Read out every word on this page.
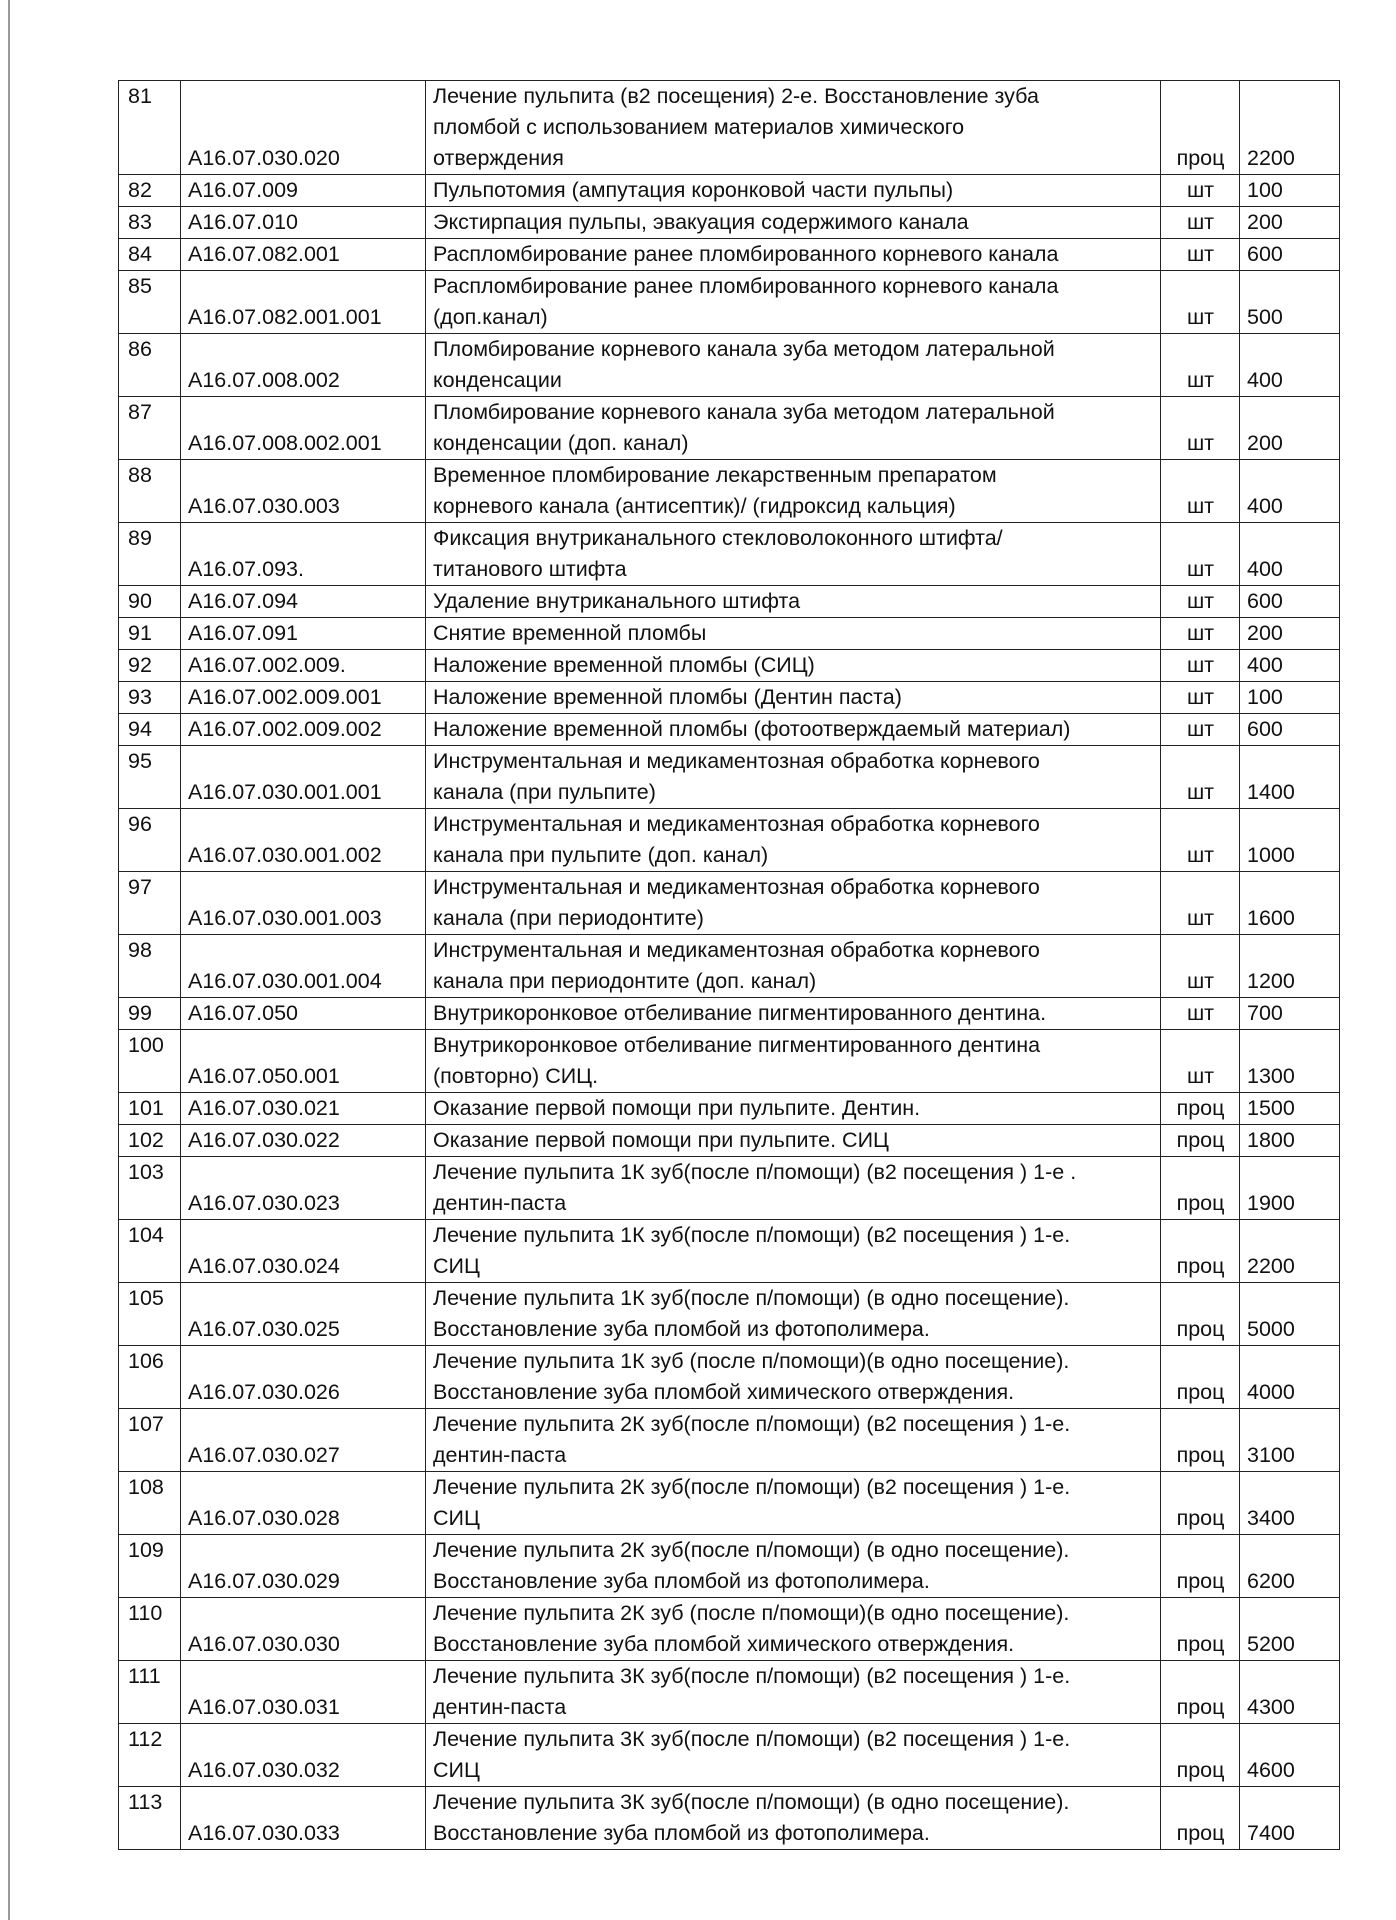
81	A16.07.030.020	Лечение пульпита (в2 посещения) 2-е. Восстановление зуба
пломбой с использованием материалов химического
отверждения	проц	2200
82	A16.07.009	Пульпотомия (ампутация коронковой части пульпы)	шт	100
83	A16.07.010	Экстирпация пульпы, эвакуация содержимого канала	шт	200
84	A16.07.082.001	Распломбирование ранее пломбированного корневого канала	шт	600
85	A16.07.082.001.001	Распломбирование ранее пломбированного корневого канала
(доп.канал)	шт	500
86	A16.07.008.002	Пломбирование корневого канала зуба методом латеральной
конденсации	шт	400
87	A16.07.008.002.001	Пломбирование корневого канала зуба методом латеральной
конденсации (доп. канал)	шт	200
88	A16.07.030.003	Временное пломбирование лекарственным препаратом
корневого канала (антисептик)/ (гидроксид кальция)	шт	400
89	A16.07.093.	Фиксация внутриканального стекловолоконного штифта/
титанового штифта	шт	400
90	A16.07.094	Удаление внутриканального штифта	шт	600
91	A16.07.091	Снятие временной пломбы	шт	200
92	A16.07.002.009.	Наложение временной пломбы (СИЦ)	шт	400
93	A16.07.002.009.001	Наложение временной пломбы (Дентин паста)	шт	100
94	A16.07.002.009.002	Наложение временной пломбы (фотоотверждаемый материал)	шт	600
95	A16.07.030.001.001	Инструментальная и медикаментозная обработка корневого
канала (при пульпите)	шт	1400
96	A16.07.030.001.002	Инструментальная и медикаментозная обработка корневого
канала при пульпите (доп. канал)	шт	1000
97	A16.07.030.001.003	Инструментальная и медикаментозная обработка корневого
канала (при периодонтите)	шт	1600
98	A16.07.030.001.004	Инструментальная и медикаментозная обработка корневого
канала при периодонтите (доп. канал)	шт	1200
99	A16.07.050	Внутрикоронковое отбеливание пигментированного дентина.	шт	700
100	A16.07.050.001	Внутрикоронковое отбеливание пигментированного дентина
(повторно) СИЦ.	шт	1300
101	A16.07.030.021	Оказание первой помощи при пульпите. Дентин.	проц	1500
102	A16.07.030.022	Оказание первой помощи при пульпите. СИЦ	проц	1800
103	A16.07.030.023	Лечение пульпита 1К зуб(после п/помощи) (в2 посещения ) 1-е .
дентин-паста	проц	1900
104	A16.07.030.024	Лечение пульпита 1К зуб(после п/помощи) (в2 посещения ) 1-е.
СИЦ	проц	2200
105	A16.07.030.025	Лечение пульпита 1К зуб(после п/помощи) (в одно посещение).
Восстановление зуба пломбой из фотополимера.	проц	5000
106	A16.07.030.026	Лечение пульпита 1К зуб (после п/помощи)(в одно посещение).
Восстановление зуба пломбой химического отверждения.	проц	4000
107	A16.07.030.027	Лечение пульпита 2К зуб(после п/помощи) (в2 посещения ) 1-е.
дентин-паста	проц	3100
108	A16.07.030.028	Лечение пульпита 2К зуб(после п/помощи) (в2 посещения ) 1-е.
СИЦ	проц	3400
109	A16.07.030.029	Лечение пульпита 2К зуб(после п/помощи) (в одно посещение).
Восстановление зуба пломбой из фотополимера.	проц	6200
110	A16.07.030.030	Лечение пульпита 2К зуб (после п/помощи)(в одно посещение).
Восстановление зуба пломбой химического отверждения.	проц	5200
111	A16.07.030.031	Лечение пульпита 3К зуб(после п/помощи) (в2 посещения ) 1-е.
дентин-паста	проц	4300
112	A16.07.030.032	Лечение пульпита 3К зуб(после п/помощи) (в2 посещения ) 1-е.
СИЦ	проц	4600
113	A16.07.030.033	Лечение пульпита 3К зуб(после п/помощи) (в одно посещение).
Восстановление зуба пломбой из фотополимера.	проц	7400
